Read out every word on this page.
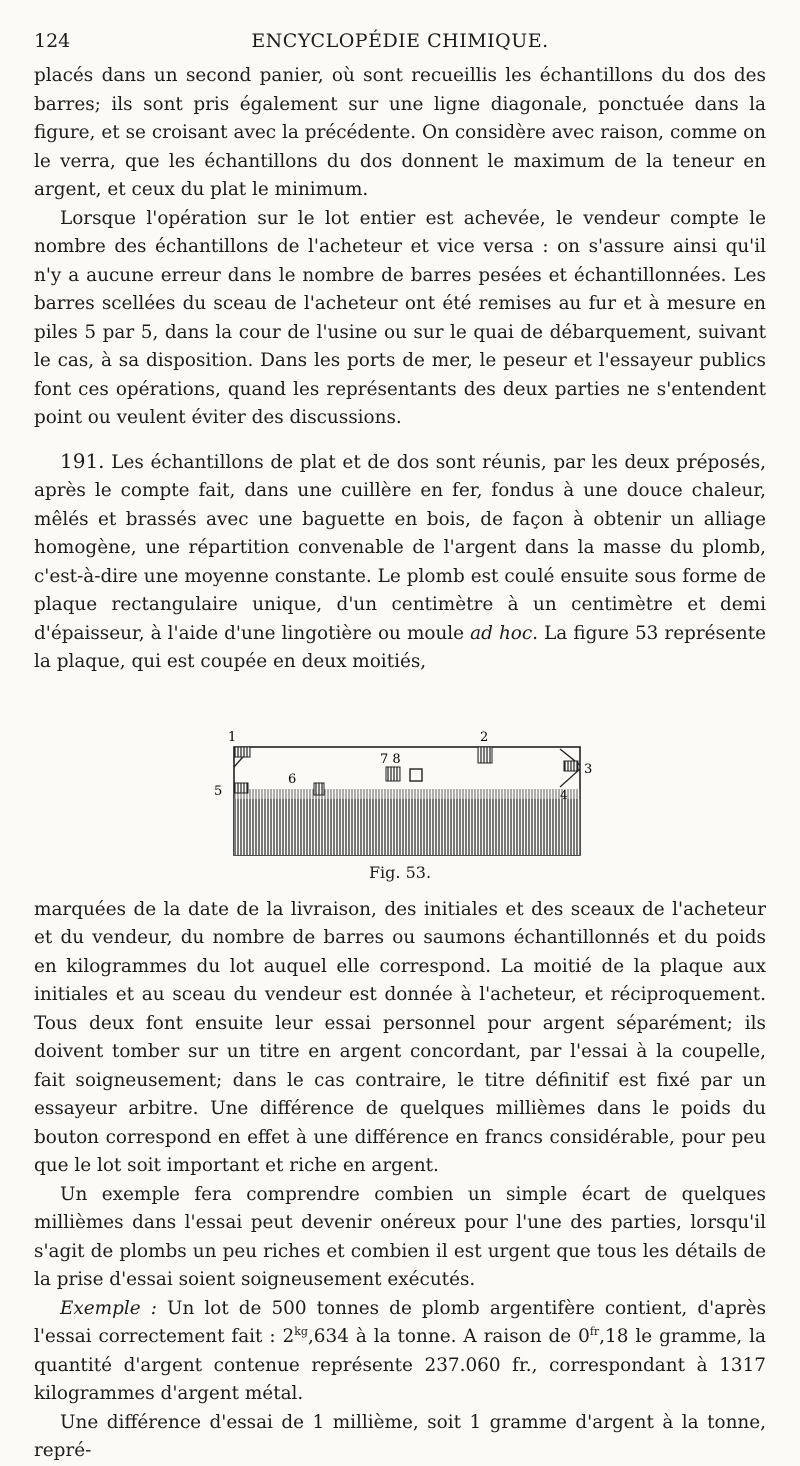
124	ENCYCLOPÉDIE CHIMIQUE.

placés dans un second panier, où sont recueillis les échantillons du dos des barres; ils sont pris également sur une ligne diagonale, ponctuée dans la figure, et se croisant avec la précédente. On considère avec raison, comme on le verra, que les échantillons du dos donnent le maximum de la teneur en argent, et ceux du plat le minimum.

Lorsque l'opération sur le lot entier est achevée, le vendeur compte le nombre des échantillons de l'acheteur et vice versa : on s'assure ainsi qu'il n'y a aucune erreur dans le nombre de barres pesées et échantillonnées. Les barres scellées du sceau de l'acheteur ont été remises au fur et à mesure en piles 5 par 5, dans la cour de l'usine ou sur le quai de débarquement, suivant le cas, à sa disposition. Dans les ports de mer, le peseur et l'essayeur publics font ces opérations, quand les représentants des deux parties ne s'entendent point ou veulent éviter des discussions.

191. Les échantillons de plat et de dos sont réunis, par les deux préposés, après le compte fait, dans une cuillère en fer, fondus à une douce chaleur, mêlés et brassés avec une baguette en bois, de façon à obtenir un alliage homogène, une répartition convenable de l'argent dans la masse du plomb, c'est-à-dire une moyenne constante. Le plomb est coulé ensuite sous forme de plaque rectangulaire unique, d'un centimètre à un centimètre et demi d'épaisseur, à l'aide d'une lingotière ou moule ad hoc. La figure 53 représente la plaque, qui est coupée en deux moitiés,

1	2
3
4
5
6
7 8
Fig. 53.

marquées de la date de la livraison, des initiales et des sceaux de l'acheteur et du vendeur, du nombre de barres ou saumons échantillonnés et du poids en kilogrammes du lot auquel elle correspond. La moitié de la plaque aux initiales et au sceau du vendeur est donnée à l'acheteur, et réciproquement. Tous deux font ensuite leur essai personnel pour argent séparément; ils doivent tomber sur un titre en argent concordant, par l'essai à la coupelle, fait soigneusement; dans le cas contraire, le titre définitif est fixé par un essayeur arbitre. Une différence de quelques millièmes dans le poids du bouton correspond en effet à une différence en francs considérable, pour peu que le lot soit important et riche en argent.

Un exemple fera comprendre combien un simple écart de quelques millièmes dans l'essai peut devenir onéreux pour l'une des parties, lorsqu'il s'agit de plombs un peu riches et combien il est urgent que tous les détails de la prise d'essai soient soigneusement exécutés.

Exemple : Un lot de 500 tonnes de plomb argentifère contient, d'après l'essai correctement fait : $2^{kg},634$ à la tonne. A raison de $0^{fr},18$ le gramme, la quantité d'argent contenue représente 237.060 fr., correspondant à 1317 kilogrammes d'argent métal.

Une différence d'essai de 1 millième, soit 1 gramme d'argent à la tonne, repré-
